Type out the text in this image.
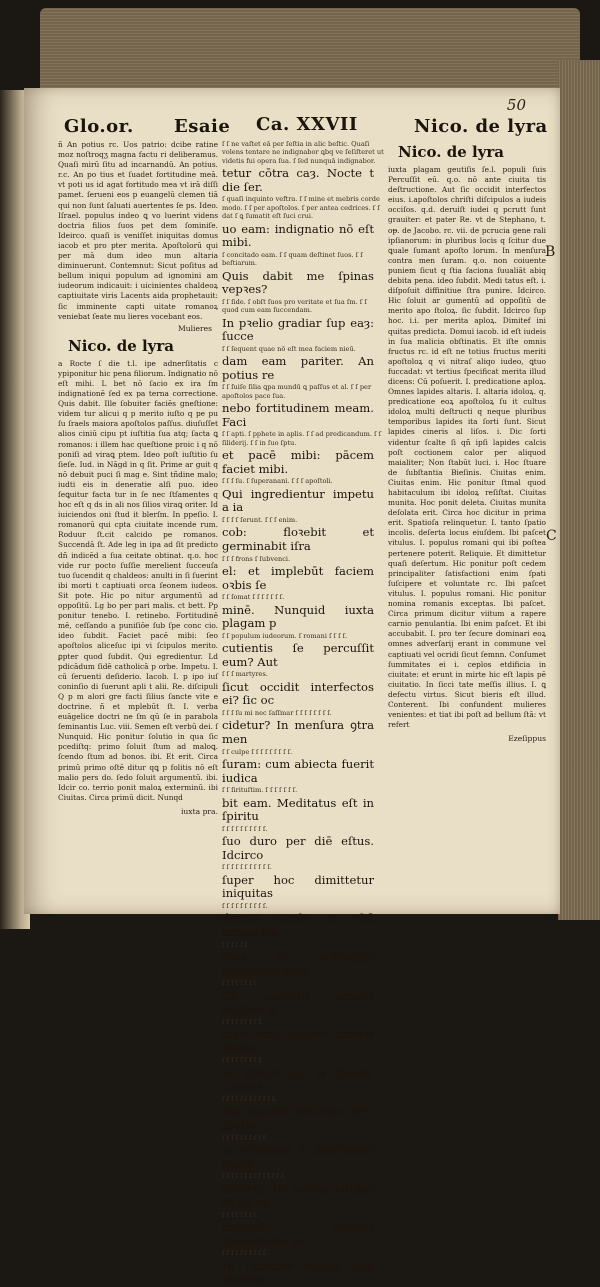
50
Glo.or. Esaie Ca. XXVII	Nico. de lyra
ñ An potius rc. Uos patrio: dcibe ratine moz noſtroqʒ magna factu ri deliberamus. Quaſi mirū ſitu ad incarnandū. An potius. r.c. An po tius et ſuadet fortitudine meā. vt poti us id agat fortitudo mea vt irā diſſi pamet. ſerueni eos p euangelū clemen tiā qui non ſunt ſaluati auertentes ſe ps. Ideo. Iſrael. populus indeo ꝗ vo luerint videns doctria filios ſuos pet dem ſominiſe. Ideirco. quaſi is veniſſet iniquitas domus iacob et pro pter merita. Apoſtolorū qui per mā dum ideo mun altaria diminuerunt. Contemnut: Sicut poſitus ad bellum iniqui populum ad ignomini am iudeorum indicauit: i uicinientes chaldeoꝝ captiuitate viris Lacents aida prophetauit: ſic imminente capti uitate romanoꝝ veniebat ſeate mu lieres vocebant eos.
Mulieres
Nico. de lyra
a Rocte ſ die t.l. ipe adnerſitatis c ypiponitur hic pena filiorum. Indignatio nō eſt mihi. L bet nō ſacio ex ira ſm indignationē ſed ex pa terna correctione. Quis dabit. Ille ſobuiter faciēs gneſtione: videm tur alicui q p merito iuſto q pe pu ſu ſraels maiora apoſtolos paſſus. diuſuſſet alios ciniū cipu pt iuſtitia ſua atq; ſacta ꝗ romanos: i illem hac queſtione proic i q nō poniſi ad viraꝗ ptem. Ideo poſt iuſtitio ſu ſieſe. Iud. in Nāgd in q ſit. Prime ar guit q nō debuit puci ſi mag e. Sint tñdine malo; iudti eis in deneratie alſi puo. ideo ſeꝗuitur facta tur in ſe nec ſtſamentes q hoc eſt q ds in ali nos ſilios viraꝗ oriter. Id iuiciendos oni ſtud it blerſm. In ppeſio. I. romanorū qui cpta ciuitate incende rum. Roduur ſt.cit calcido pe romanos. Succendā ſt. Ade leg in ipa ad ſit predicto dñ indicēd a ſua ceitate obtinat. q.o. hoc vide rur pocto ſuſſie merelient ſucceuſa tuo ſucendit q chaldeos: anulti in ſi ſuerint ibi morti t captiuati orca ſeonem iudeos. Sit pote. Hic po nitur argumentū ad oppoſitū. Lg bo per pari malis. ct bett. Pp ponitur tenebo. I. retinebo. Fortitudinē mē, ceſſando a puniſiōe ſub ſpe conc cio. ideo ſubdit. Faciet pacē mibi: ſeo apoſtolos aliceſuc ipi vi ſcipulos merito. ꝑpter quod ſubdit. Qui egredientur. Ld pdicādum ſidē catholicā p orbe. Impetu. I. cū ſeruenti deſiderio. Iacob. I. p ipo iuſ coninſio di ſuerunt apli t alii. Re. diſcipuli Q p m alori gre facti ſilius ſancte vite e doctrine. ñ et mplebūt ſt. I. verba euāgelice doctri ne ſm qū ſe in parabola ſeminantis Luc. viii. Semen eſt verbū dei. ſ Nunquid. Hic ponitur ſolutio in qua ſic pcediſtq: primo ſoluit ſtum ad maloꝗ. ſcendo ſtum ad bonos. ibi. Et erit. Circa primū primo oſtē ditur qꝗ p folitis nō eſt malio pers do. ſedo ſoluit argumentū. ibi. Idcir co. terrio ponit maloꝝ exterminū. ibi Ciuitas. Circa primū dicit. Nunqd
iuxta pra.
ſ ſ ne vaſtet eā per ſeſtia in alic beſtic. Quaſi volens tentare ne indignabor ꝗbq ve ſeſiſteret ut videtis fui opera ſua. ſ ſed nunquā indignabor.
tetur cōtra caȝ. Nocte t die ſer.
ſ quaſi inquinto veftra. ſ ſ mine et mebris corde modo. ſ ſ per apoſtolos. ſ per antea cedrices. ſ ſ dat ſ ꝗ ſumatit eſt ſuci crui.
uo eam: indignatio nō eſt mibi.
ſ concitado eam. ſ ſ quam deſtinet ſuos. ſ ſ beſtiarum.
Quis dabit me ſpinas vepꝛes?
ſ ſ ſide. ſ obſt ſuos pro veritate et ſua ſm. ſ ſ quod cum eam ſuccendam.
In pꝛelio gradiar ſup eaȝ: ſucce
ſ ſ ſequent quae nō eſt mea faciem nieū.
dam eam pariter. An potius re
ſ ſ ſuiſe ſilia ꝗpa mundū ꝗ paſſus et al. ſ ſ per apoſtolos pace ſua.
nebo fortitudinem meam. Faci
ſ ſ apti. ſ pphete in aplis. ſ ſ ad predicandum. ſ ſ ſiliderij. ſ ſ in ſuo ſptu.
et pacē mibi: pācem faciet mibi.
ſ ſ ſ ſu. ſ ſuperanani. ſ ſ ſ apoſtoli.
Qui ingredientur impetu a ia
ſ ſ ſ ſ ſerunt. ſ ſ ſ enim.
cob: floꝛebit et germinabit iſra
ſ ſ ſ frons ſ ſubvenci.
el: et implebūt faciem oꝛbis ſe
ſ ſ ſomat ſ ſ ſ ſ ſ ſ ſ.
minē. Nunquid iuxta plagam p
ſ ſ populum iudeorum. ſ romani ſ ſ ſ ſ.
cutientis ſe percuſſit eum? Aut
ſ ſ ſ martyres.
ſicut occidit interfectos ei? ſic oc
ſ ſ ſ ſu mi nec ſaſſmar ſ ſ ſ ſ ſ ſ ſ ſ.
cidetur? In menſura ꝯtra men
ſ ſ culpe ſ ſ ſ ſ ſ ſ ſ ſ ſ.
ſuram: cum abiecta fuerit iudica
ſ ſ ſirituſtim. ſ ſ ſ ſ ſ ſ ſ.
bit eam. Meditatus eſt in ſpiritu
ſ ſ ſ ſ ſ ſ ſ ſ ſ ſ.
ſuo duro per diē eſtus. Idcirco
ſ ſ ſ ſ ſ ſ ſ ſ ſ ſ ſ.
ſuper hoc dimittetur iniquitas
ſ ſ ſ ſ ſ ſ ſ ſ ſ ſ.
domui iacob: et iſtē omnis fru
ſ ſ ſ ſ ſ ſ.
ctus vt auferatur peccatum eius.
ſ ſ ſ ſ ſ ſ ſ ſ.
Cū poſuerit omnes lapides al
ſ ſ ſ ſ ſ ſ ſ ſ ſ.
taris ſicut lapides cineris alliſos
ſ ſ ſ ſ ſ ſ ſ ſ ſ.
nō ſtabūt luci & ſtubra. Ciuitas
ſ ſ ſ ſ ſ ſ ſ ſ ſ ſ ſ ſ.
em munita deſolata erit: ſpatio
ſ ſ ſ ſ ſ ſ ſ ſ ſ ſ.
ſa relinquet & dimittetur quaſi
ſ ſ ſ ſ ſ ſ ſ ſ ſ ſ ſ ſ ſ ſ.
deſertū. Ibi paſcet vitulus et ibi ac
ſ ſ ſ ſ ſ ſ ſ ſ.
cubabit: ꝯſumet ſummitates ei.
ſ ſ ſ ſ ſ ſ ſ ſ ſ ſ.
In ſiccitate meſſis illi9 ꝯterent
Nico. de lyra
iuxta plagam geutiſis ſe.l. populi ſuis Percuſſit eū. q.o. nō ante ciuita tis deſtructione. Aut ſic occidit interfectos eius. i.apoſtolos chriſti diſcipulos a iudeis occiſos. q.d. deruiſt iudei q pcrutt ſunt grauiter: et pater Re. vt de Stephano, t. oᵽ. de Jacobo. rc. vii. de pcrucia gene rali ipſianorum: in pluribus locis q ſcitur due ꝗuale ſumant apoſto lorum. In menſura contra men ſuram. q.o. non coiuente puniem ſicut q ſtia ſaciona ſuualiāt abiq debita pena. ideo ſubdit. Medi tatus eſt. i. diſpoſuit diffinitiue ſtra punire. Idcirco. Hic ſoluit ar gumentū ad oppoſitū de merito apo ſtoloꝝ. ſic ſubdit. Idcirco ſup hoc. i.i. per merita aploꝝ. Dimitef ini quitas predicta. Domui iacob. id eſt iudeis in ſua malicia obſtinatis. Et iſte omnis fructus rc. id eſt ne totius fructus meriti apoſtoloꝝ q vi nitraſ aliqo iudeo, ꝗtuo fuccadat: vt tertius ſpecificat merita illud dicens: Cū poſuerit. I. predicatione aploꝝ. Omnes lapides altaris. I. altaria idoloꝝ. q. predicatione eoꝝ apoſtoloꝝ ſu it cultus idoloꝝ multi deſtructi q neque pluribus temporibus lapides ita ſorti ſunt. Sicut lapides cineris al liſos. i. Dic ſorti videntur ſcalte ſi qñ ipſi lapides calcis poſt coctionem calor per aliquod maialiter; Non ſtabūt luci. i. Hoc ſtuare de ſubſtantia Bieſinis. Ciuitas enim. Ciuitas enim. Hic ponitur ſtmal quod habitaculum ibi idoloꝝ reſiſtat. Ciuitas munita. Hoc ponit deleta. Ciuitas munita deſolata erit. Circa hoc dicitur in prima erit. Spatioſa relinquetur. I. tanto ſpatio incolis. deſerta locus eiuſdem. Ibi paſcet vitulus. I. populus romani qui ibi poſtea pertenere poterit. Reliquie. Et dimittetur quaſi deſertum. Hic ponitur poſt cedem principaliter ſatisfactioni enim ſpati ſuſcipere et voluntate rc. Ibi paſcet vitulus. I. populus romani. Hic ponitur nomina romanis exceptas. Ibi paſcet. Circa primum dicitur viitum a rapere carnio penulantia. Ibi enim paſcet. Et ibi accubabit. I. pro ter ſecure dominari eoꝝ omnes adverſarij erant in commune vel captiuati vel ocridi ſicut ſemnn. Conſumet ſummitates ei i. ceplos etdificia in ciuitate: et erunt in mirte hic eſt lapis pē ciuitatio. In ſicci tate meſſis illius. I. ꝗ defectu virtus. Sicut bieris eſt illud. Conterent. Ibi confundent mulieres venientes: et tiat ibi poſt ad bellum ſtā: vt refert
Ezeſippus
B
C
